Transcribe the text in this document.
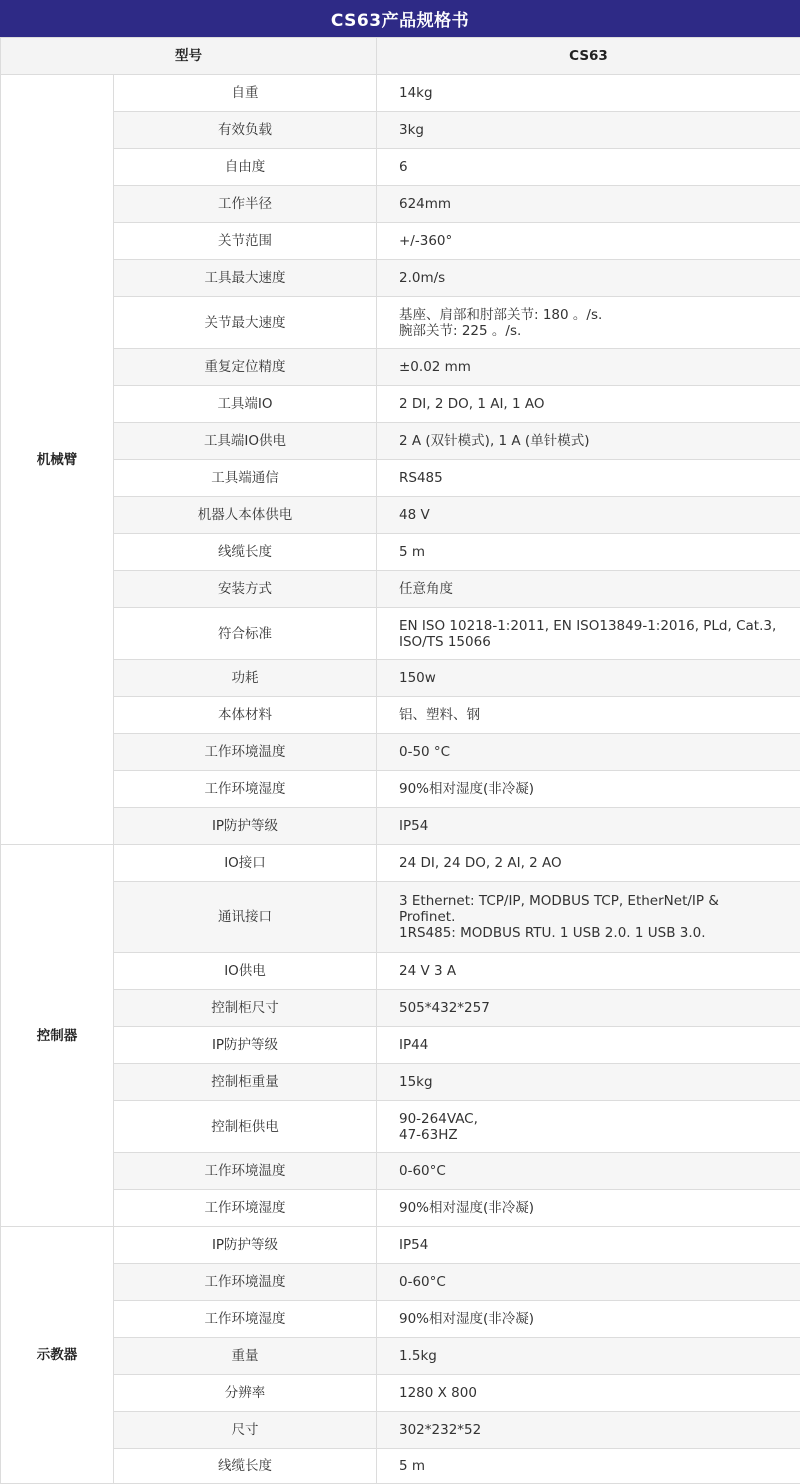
CS63产品规格书
型号		CS63
机械臂	自重	14kg
	有效负载	3kg
	自由度	6
	工作半径	624mm
	关节范围	+/-360°
	工具最大速度	2.0m/s
	关节最大速度	基座、肩部和肘部关节: 180 。/s.
腕部关节: 225 。/s.
	重复定位精度	±0.02 mm
	工具端IO	2 DI, 2 DO, 1 AI, 1 AO
	工具端IO供电	2 A (双针模式), 1 A (单针模式)
	工具端通信	RS485
	机器人本体供电	48 V
	线缆长度	5 m
	安装方式	任意角度
	符合标准	EN ISO 10218-1:2011, EN ISO13849-1:2016, PLd, Cat.3,
ISO/TS 15066
	功耗	150w
	本体材料	铝、塑料、钢
	工作环境温度	0-50 °C
	工作环境湿度	90%相对湿度(非冷凝)
	IP防护等级	IP54
控制器	IO接口	24 DI, 24 DO, 2 AI, 2 AO
	通讯接口	3 Ethernet: TCP/IP, MODBUS TCP, EtherNet/IP &
Profinet.
1RS485: MODBUS RTU. 1 USB 2.0. 1 USB 3.0.
	IO供电	24 V 3 A
	控制柜尺寸	505*432*257
	IP防护等级	IP44
	控制柜重量	15kg
	控制柜供电	90-264VAC,
47-63HZ
	工作环境温度	0-60°C
	工作环境湿度	90%相对湿度(非冷凝)
示教器	IP防护等级	IP54
	工作环境温度	0-60°C
	工作环境湿度	90%相对湿度(非冷凝)
	重量	1.5kg
	分辨率	1280 X 800
	尺寸	302*232*52
	线缆长度	5 m
